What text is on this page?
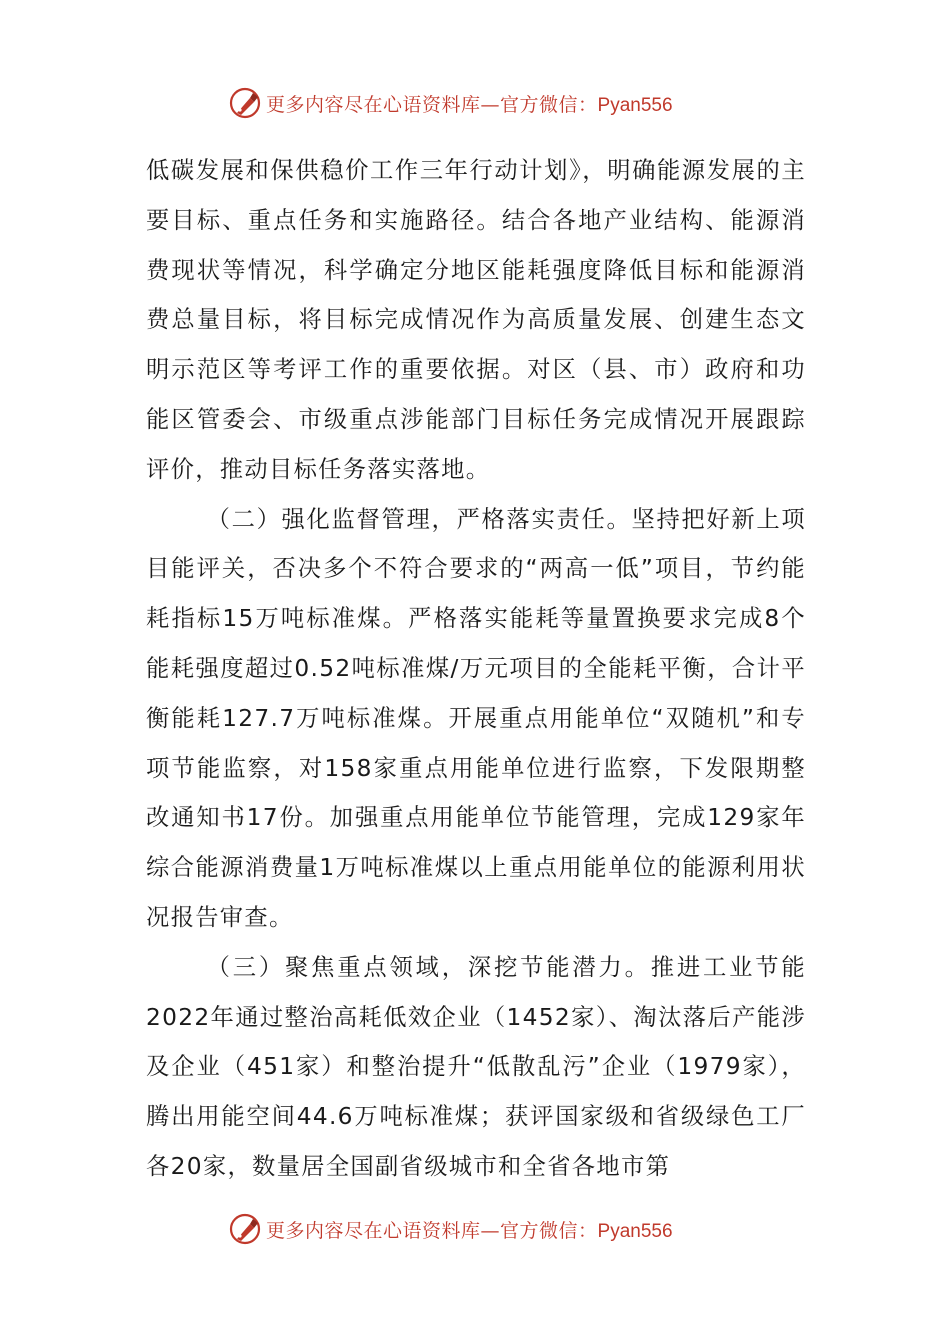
更多内容尽在心语资料库—官方微信：Pyan556

低碳发展和保供稳价工作三年行动计划》，明确能源发展的主要目标、重点任务和实施路径。结合各地产业结构、能源消费现状等情况，科学确定分地区能耗强度降低目标和能源消费总量目标，将目标完成情况作为高质量发展、创建生态文明示范区等考评工作的重要依据。对区（县、市）政府和功能区管委会、市级重点涉能部门目标任务完成情况开展跟踪评价，推动目标任务落实落地。

（二）强化监督管理，严格落实责任。坚持把好新上项目能评关，否决多个不符合要求的“两高一低”项目，节约能耗指标15万吨标准煤。严格落实能耗等量置换要求完成8个能耗强度超过0.52吨标准煤/万元项目的全能耗平衡，合计平衡能耗127.7万吨标准煤。开展重点用能单位“双随机”和专项节能监察，对158家重点用能单位进行监察，下发限期整改通知书17份。加强重点用能单位节能管理，完成129家年综合能源消费量1万吨标准煤以上重点用能单位的能源利用状况报告审查。

（三）聚焦重点领域，深挖节能潜力。推进工业节能2022年通过整治高耗低效企业（1452家）、淘汰落后产能涉及企业（451家）和整治提升“低散乱污”企业（1979家），腾出用能空间44.6万吨标准煤；获评国家级和省级绿色工厂各20家，数量居全国副省级城市和全省各地市第

更多内容尽在心语资料库—官方微信：Pyan556
